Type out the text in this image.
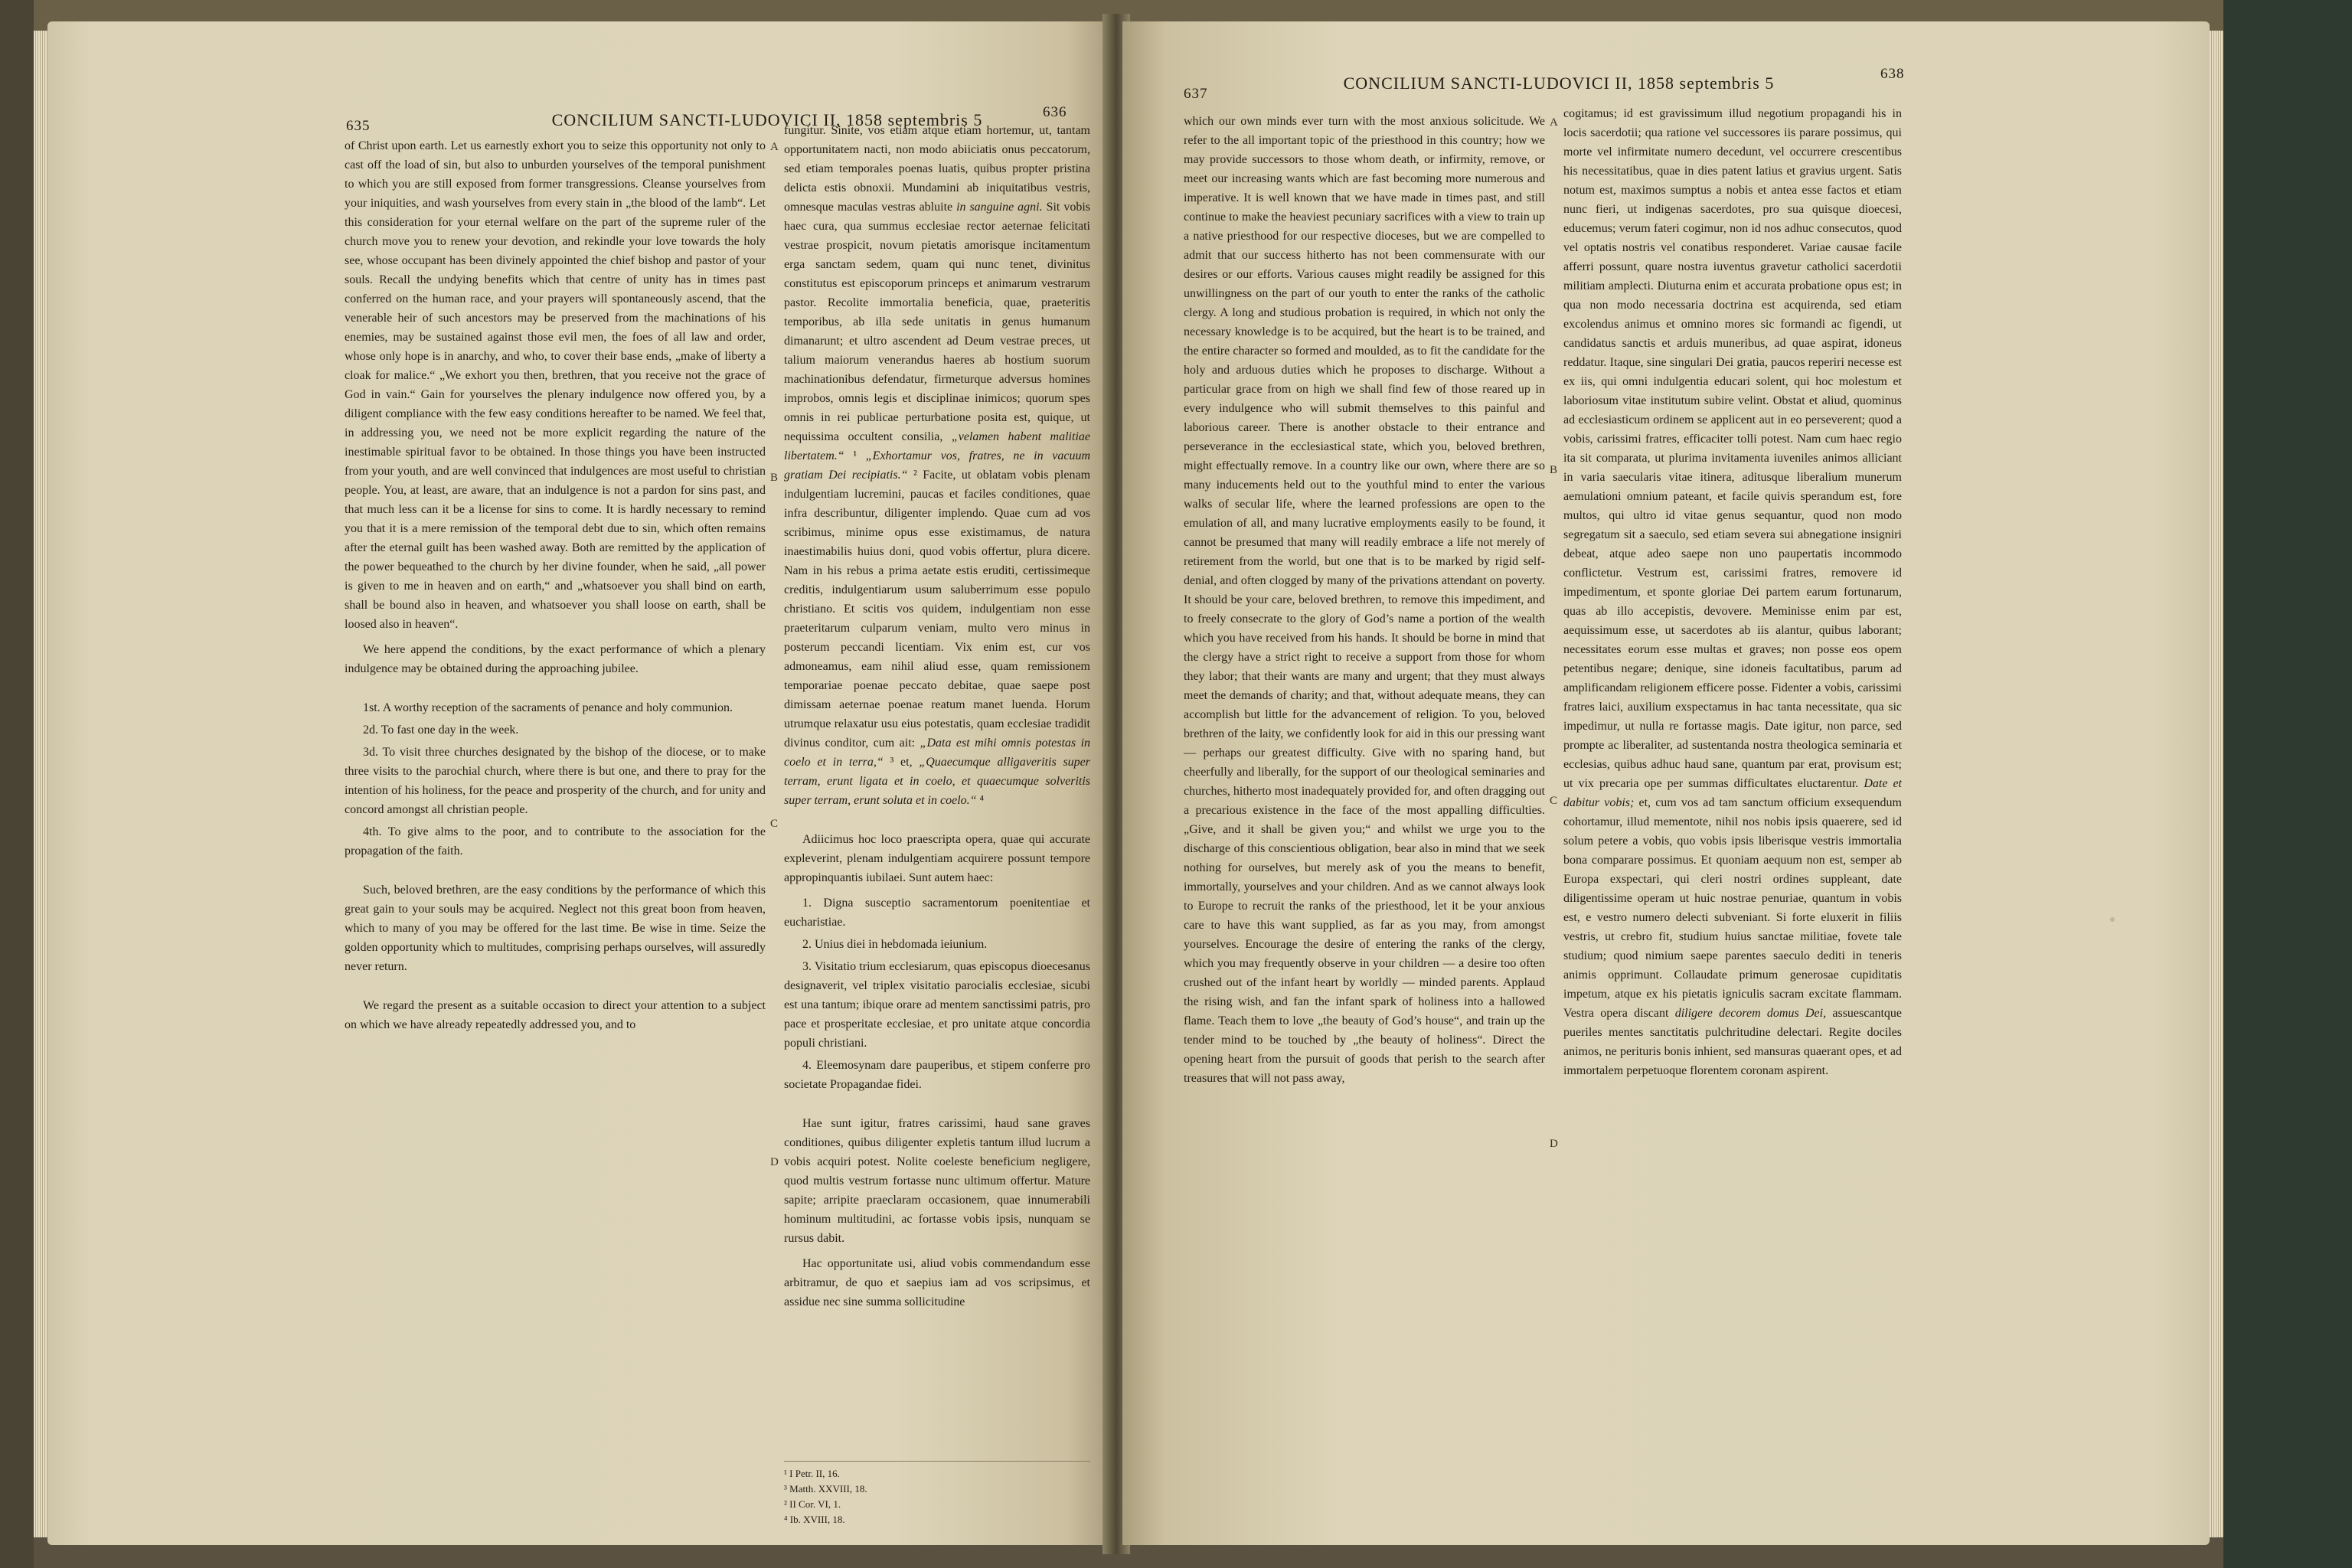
635	CONCILIUM SANCTI-LUDOVICI II, 1858 septembris 5	636

of Christ upon earth. Let us earnestly exhort you to seize this opportunity not only to cast off the load of sin, but also to unburden yourselves of the temporal punishment to which you are still exposed from former transgressions. Cleanse yourselves from your iniquities, and wash yourselves from every stain in „the blood of the lamb“. Let this consideration for your eternal welfare on the part of the supreme ruler of the church move you to renew your devotion, and rekindle your love towards the holy see, whose occupant has been divinely appointed the chief bishop and pastor of your souls. Recall the undying benefits which that centre of unity has in times past conferred on the human race, and your prayers will spontaneously ascend, that the venerable heir of such ancestors may be preserved from the machinations of his enemies, may be sustained against those evil men, the foes of all law and order, whose only hope is in anarchy, and who, to cover their base ends, „make of liberty a cloak for malice.“ „We exhort you then, brethren, that you receive not the grace of God in vain.“ Gain for yourselves the plenary indulgence now offered you, by a diligent compliance with the few easy conditions hereafter to be named. We feel that, in addressing you, we need not be more explicit regarding the nature of the inestimable spiritual favor to be obtained. In those things you have been instructed from your youth, and are well convinced that indulgences are most useful to christian people. You, at least, are aware, that an indulgence is not a pardon for sins past, and that much less can it be a license for sins to come. It is hardly necessary to remind you that it is a mere remission of the temporal debt due to sin, which often remains after the eternal guilt has been washed away. Both are remitted by the application of the power bequeathed to the church by her divine founder, when he said, „all power is given to me in heaven and on earth,“ and „whatsoever you shall bind on earth, shall be bound also in heaven, and whatsoever you shall loose on earth, shall be loosed also in heaven“.

We here append the conditions, by the exact performance of which a plenary indulgence may be obtained during the approaching jubilee.

1st. A worthy reception of the sacraments of penance and holy communion.

2d. To fast one day in the week.

3d. To visit three churches designated by the bishop of the diocese, or to make three visits to the parochial church, where there is but one, and there to pray for the intention of his holiness, for the peace and prosperity of the church, and for unity and concord amongst all christian people.

4th. To give alms to the poor, and to contribute to the association for the propagation of the faith.

Such, beloved brethren, are the easy conditions by the performance of which this great gain to your souls may be acquired. Neglect not this great boon from heaven, which to many of you may be offered for the last time. Be wise in time. Seize the golden opportunity which to multitudes, comprising perhaps ourselves, will assuredly never return.

We regard the present as a suitable occasion to direct your attention to a subject on which we have already repeatedly addressed you, and to

A
B
C
D

fungitur. Sinite, vos etiam atque etiam hortemur, ut, tantam opportunitatem nacti, non modo abiiciatis onus peccatorum, sed etiam temporales poenas luatis, quibus propter pristina delicta estis obnoxii. Mundamini ab iniquitatibus vestris, omnesque maculas vestras abluite in sanguine agni. Sit vobis haec cura, qua summus ecclesiae rector aeternae felicitati vestrae prospicit, novum pietatis amorisque incitamentum erga sanctam sedem, quam qui nunc tenet, divinitus constitutus est episcoporum princeps et animarum vestrarum pastor. Recolite immortalia beneficia, quae, praeteritis temporibus, ab illa sede unitatis in genus humanum dimanarunt; et ultro ascendent ad Deum vestrae preces, ut talium maiorum venerandus haeres ab hostium suorum machinationibus defendatur, firmeturque adversus homines improbos, omnis legis et disciplinae inimicos; quorum spes omnis in rei publicae perturbatione posita est, quique, ut nequissima occultent consilia, „velamen habent malitiae libertatem.“ ¹ „Exhortamur vos, fratres, ne in vacuum gratiam Dei recipiatis.“ ² Facite, ut oblatam vobis plenam indulgentiam lucremini, paucas et faciles conditiones, quae infra describuntur, diligenter implendo. Quae cum ad vos scribimus, minime opus esse existimamus, de natura inaestimabilis huius doni, quod vobis offertur, plura dicere. Nam in his rebus a prima aetate estis eruditi, certissimeque creditis, indulgentiarum usum saluberrimum esse populo christiano. Et scitis vos quidem, indulgentiam non esse praeteritarum culparum veniam, multo vero minus in posterum peccandi licentiam. Vix enim est, cur vos admoneamus, eam nihil aliud esse, quam remissionem temporariae poenae peccato debitae, quae saepe post dimissam aeternae poenae reatum manet luenda. Horum utrumque relaxatur usu eius potestatis, quam ecclesiae tradidit divinus conditor, cum ait: „Data est mihi omnis potestas in coelo et in terra,“ ³ et, „Quaecumque alligaveritis super terram, erunt ligata et in coelo, et quaecumque solveritis super terram, erunt soluta et in coelo.“ ⁴

Adiicimus hoc loco praescripta opera, quae qui accurate expleverint, plenam indulgentiam acquirere possunt tempore appropinquantis iubilaei. Sunt autem haec:

1. Digna susceptio sacramentorum poenitentiae et eucharistiae.

2. Unius diei in hebdomada ieiunium.

3. Visitatio trium ecclesiarum, quas episcopus dioecesanus designaverit, vel triplex visitatio parocialis ecclesiae, sicubi est una tantum; ibique orare ad mentem sanctissimi patris, pro pace et prosperitate ecclesiae, et pro unitate atque concordia populi christiani.

4. Eleemosynam dare pauperibus, et stipem conferre pro societate Propagandae fidei.

Hae sunt igitur, fratres carissimi, haud sane graves conditiones, quibus diligenter expletis tantum illud lucrum a vobis acquiri potest. Nolite coeleste beneficium negligere, quod multis vestrum fortasse nunc ultimum offertur. Mature sapite; arripite praeclaram occasionem, quae innumerabili hominum multitudini, ac fortasse vobis ipsis, nunquam se rursus dabit.

Hac opportunitate usi, aliud vobis commendandum esse arbitramur, de quo et saepius iam ad vos scripsimus, et assidue nec sine summa sollicitudine

¹ I Petr. II, 16.³ Matth. XXVIII, 18.
² II Cor. VI, 1.⁴ Ib. XVIII, 18.
637
CONCILIUM SANCTI-LUDOVICI II, 1858 septembris 5	638

which our own minds ever turn with the most anxious solicitude. We refer to the all important topic of the priesthood in this country; how we may provide successors to those whom death, or infirmity, remove, or meet our increasing wants which are fast becoming more numerous and imperative. It is well known that we have made in times past, and still continue to make the heaviest pecuniary sacrifices with a view to train up a native priesthood for our respective dioceses, but we are compelled to admit that our success hitherto has not been commensurate with our desires or our efforts. Various causes might readily be assigned for this unwillingness on the part of our youth to enter the ranks of the catholic clergy. A long and studious probation is required, in which not only the necessary knowledge is to be acquired, but the heart is to be trained, and the entire character so formed and moulded, as to fit the candidate for the holy and arduous duties which he proposes to discharge. Without a particular grace from on high we shall find few of those reared up in every indulgence who will submit themselves to this painful and laborious career. There is another obstacle to their entrance and perseverance in the ecclesiastical state, which you, beloved brethren, might effectually remove. In a country like our own, where there are so many inducements held out to the youthful mind to enter the various walks of secular life, where the learned professions are open to the emulation of all, and many lucrative employments easily to be found, it cannot be presumed that many will readily embrace a life not merely of retirement from the world, but one that is to be marked by rigid self-denial, and often clogged by many of the privations attendant on poverty. It should be your care, beloved brethren, to remove this impediment, and to freely consecrate to the glory of God’s name a portion of the wealth which you have received from his hands. It should be borne in mind that the clergy have a strict right to receive a support from those for whom they labor; that their wants are many and urgent; that they must always meet the demands of charity; and that, without adequate means, they can accomplish but little for the advancement of religion. To you, beloved brethren of the laity, we confidently look for aid in this our pressing want — perhaps our greatest difficulty. Give with no sparing hand, but cheerfully and liberally, for the support of our theological seminaries and churches, hitherto most inadequately provided for, and often dragging out a precarious existence in the face of the most appalling difficulties. „Give, and it shall be given you;“ and whilst we urge you to the discharge of this conscientious obligation, bear also in mind that we seek nothing for ourselves, but merely ask of you the means to benefit, immortally, yourselves and your children. And as we cannot always look to Europe to recruit the ranks of the priesthood, let it be your anxious care to have this want supplied, as far as you may, from amongst yourselves. Encourage the desire of entering the ranks of the clergy, which you may frequently observe in your children — a desire too often crushed out of the infant heart by worldly — minded parents. Applaud the rising wish, and fan the infant spark of holiness into a hallowed flame. Teach them to love „the beauty of God’s house“, and train up the tender mind to be touched by „the beauty of holiness“. Direct the opening heart from the pursuit of goods that perish to the search after treasures that will not pass away,

A
B
C
D

cogitamus; id est gravissimum illud negotium propagandi his in locis sacerdotii; qua ratione vel successores iis parare possimus, qui morte vel infirmitate numero decedunt, vel occurrere crescentibus his necessitatibus, quae in dies patent latius et gravius urgent. Satis notum est, maximos sumptus a nobis et antea esse factos et etiam nunc fieri, ut indigenas sacerdotes, pro sua quisque dioecesi, educemus; verum fateri cogimur, non id nos adhuc consecutos, quod vel optatis nostris vel conatibus responderet. Variae causae facile afferri possunt, quare nostra iuventus gravetur catholici sacerdotii militiam amplecti. Diuturna enim et accurata probatione opus est; in qua non modo necessaria doctrina est acquirenda, sed etiam excolendus animus et omnino mores sic formandi ac figendi, ut candidatus sanctis et arduis muneribus, ad quae aspirat, idoneus reddatur. Itaque, sine singulari Dei gratia, paucos reperiri necesse est ex iis, qui omni indulgentia educari solent, qui hoc molestum et laboriosum vitae institutum subire velint. Obstat et aliud, quominus ad ecclesiasticum ordinem se applicent aut in eo perseverent; quod a vobis, carissimi fratres, efficaciter tolli potest. Nam cum haec regio ita sit comparata, ut plurima invitamenta iuveniles animos alliciant in varia saecularis vitae itinera, aditusque liberalium munerum aemulationi omnium pateant, et facile quivis sperandum est, fore multos, qui ultro id vitae genus sequantur, quod non modo segregatum sit a saeculo, sed etiam severa sui abnegatione insigniri debeat, atque adeo saepe non uno paupertatis incommodo conflictetur. Vestrum est, carissimi fratres, removere id impedimentum, et sponte gloriae Dei partem earum fortunarum, quas ab illo accepistis, devovere. Meminisse enim par est, aequissimum esse, ut sacerdotes ab iis alantur, quibus laborant; necessitates eorum esse multas et graves; non posse eos opem petentibus negare; denique, sine idoneis facultatibus, parum ad amplificandam religionem efficere posse. Fidenter a vobis, carissimi fratres laici, auxilium exspectamus in hac tanta necessitate, qua sic impedimur, ut nulla re fortasse magis. Date igitur, non parce, sed prompte ac liberaliter, ad sustentanda nostra theologica seminaria et ecclesias, quibus adhuc haud sane, quantum par erat, provisum est; ut vix precaria ope per summas difficultates eluctarentur. Date et dabitur vobis; et, cum vos ad tam sanctum officium exsequendum cohortamur, illud mementote, nihil nos nobis ipsis quaerere, sed id solum petere a vobis, quo vobis ipsis liberisque vestris immortalia bona comparare possimus. Et quoniam aequum non est, semper ab Europa exspectari, qui cleri nostri ordines suppleant, date diligentissime operam ut huic nostrae penuriae, quantum in vobis est, e vestro numero delecti subveniant. Si forte eluxerit in filiis vestris, ut crebro fit, studium huius sanctae militiae, fovete tale studium; quod nimium saepe parentes saeculo dediti in teneris animis opprimunt. Collaudate primum generosae cupiditatis impetum, atque ex his pietatis igniculis sacram excitate flammam. Vestra opera discant diligere decorem domus Dei, assuescantque pueriles mentes sanctitatis pulchritudine delectari. Regite dociles animos, ne perituris bonis inhient, sed mansuras quaerant opes, et ad immortalem perpetuoque florentem coronam aspirent.
